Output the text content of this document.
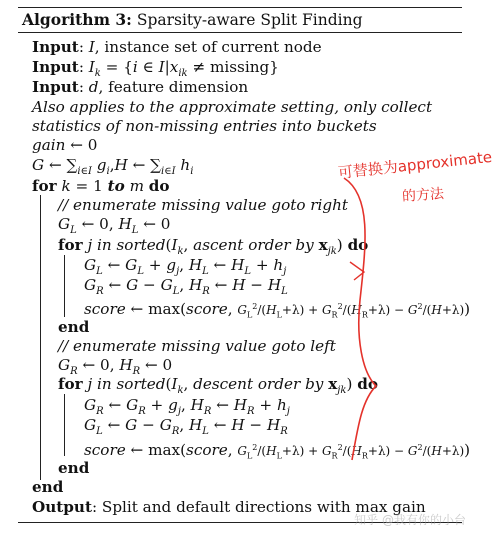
Algorithm 3: Sparsity-aware Split Finding
Input: I, instance set of current node
Input: $I_k = \{i$ ∈ $I|x_{ik} \ne missing$}
Input: d, feature dimension
Also applies to the approximate setting, only collect
statistics of non-missing entries into buckets
gain ← 0
G ← $\sum_{i\in I}$ $g_i,H$ ← $\sum_{i\in I}$ $h_i$
for k = 1 to m do
// enumerate missing value goto right
$G_L$ ← 0, $H_L$ ← 0
for j in $sorted(I_k$, ascent order by $x_{jk}$) do
$G_L$ ← $G_L + g_j$, $H_L$ ← $H_L + h_j$
$G_R$ ← $G - G_L$, $H_R$ ← $H - H_L$
score ← max(score, $G_L^2/(H_L+\lambda) + G_R^2/(H_R+\lambda) - G^2/(H+\lambda)$)
end
// enumerate missing value goto left
$G_R$ ← 0, $H_R$ ← 0
for j in $sorted(I_k$, descent order by $x_{jk}$) do
$G_R$ ← $G_R + g_j$, $H_R$ ← $H_R + h_j$
$G_L$ ← $G - G_R$, $H_L$ ← $H - H_R$
score ← max(score, $G_L^2/(H_L+\lambda) + G_R^2/(H_R+\lambda) - G^2/(H+\lambda)$)
end
end
Output: Split and default directions with max gain
可替换为approximate
的方法
知乎 @我有你的小台
